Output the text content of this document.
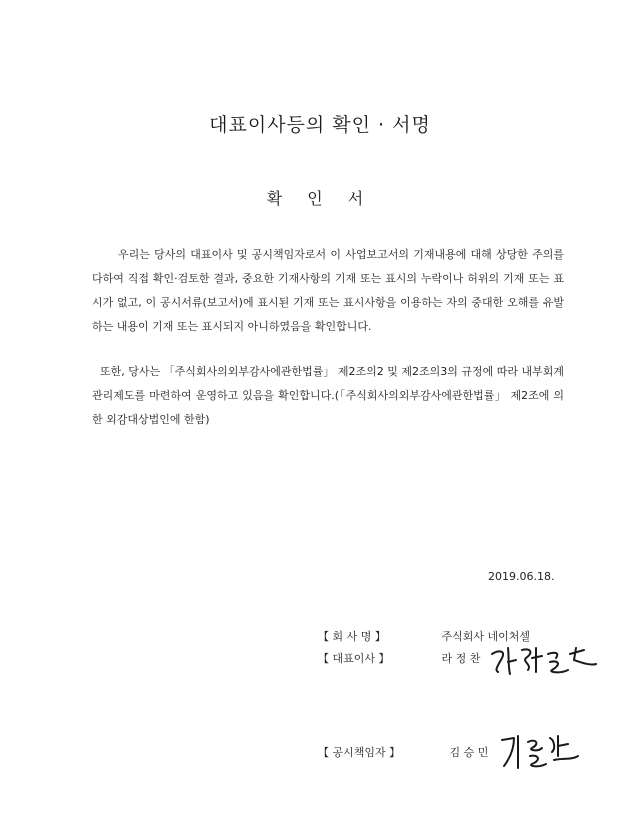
대표이사등의 확인 · 서명
확 인 서

우리는 당사의 대표이사 및 공시책임자로서 이 사업보고서의 기재내용에 대해 상당한 주의를 다하여 직접 확인·검토한 결과, 중요한 기재사항의 기재 또는 표시의 누락이나 허위의 기재 또는 표시가 없고, 이 공시서류(보고서)에 표시된 기재 또는 표시사항을 이용하는 자의 중대한 오해를 유발하는 내용이 기재 또는 표시되지 아니하였음을 확인합니다.

또한, 당사는 「주식회사의외부감사에관한법률」 제2조의2 및 제2조의3의 규정에 따라 내부회계관리제도를 마련하여 운영하고 있음을 확인합니다.(「주식회사의외부감사에관한법률」 제2조에 의한 외감대상법인에 한함)

2019.06.18.
【 회 사 명 】	주식회사 네이처셀
【 대표이사 】	라 정 찬
【 공시책임자 】	김 승 민
